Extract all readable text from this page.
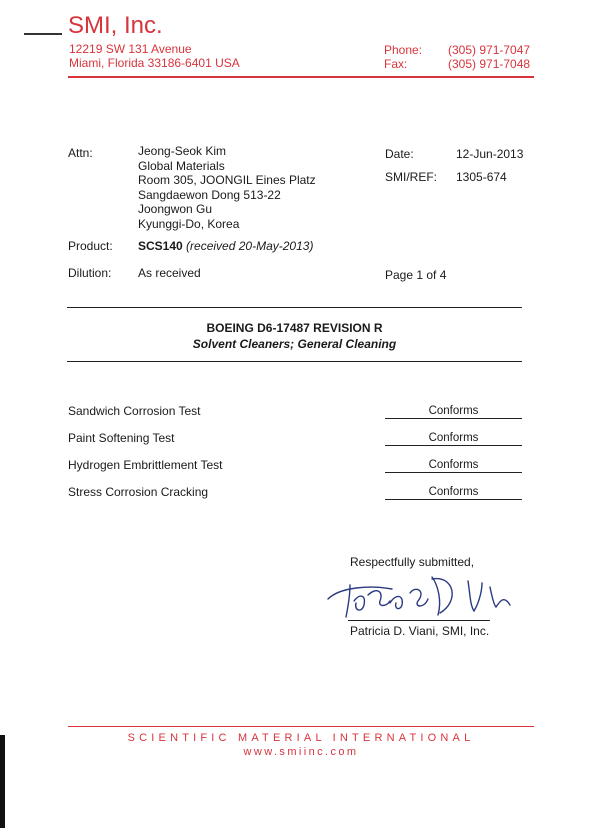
SMI, Inc.
12219 SW 131 Avenue
Miami, Florida 33186-6401 USA
Phone: (305) 971-7047
Fax:	(305) 971-7048
Attn:	Jeong-Seok Kim
Global Materials
Room 305, JOONGIL Eines Platz
Sangdaewon Dong 513-22
Joongwon Gu
Kyunggi-Do, Korea
Date:	12-Jun-2013
SMI/REF: 1305-674
Product: SCS140 (received 20-May-2013)
Dilution: As received	Page 1 of 4
BOEING D6-17487 REVISION R
Solvent Cleaners; General Cleaning
Sandwich Corrosion Test	Conforms
Paint Softening Test	Conforms
Hydrogen Embrittlement Test	Conforms
Stress Corrosion Cracking	Conforms
Respectfully submitted,
Patricia D. Viani, SMI, Inc.
SCIENTIFIC MATERIAL INTERNATIONAL
www.smiinc.com
